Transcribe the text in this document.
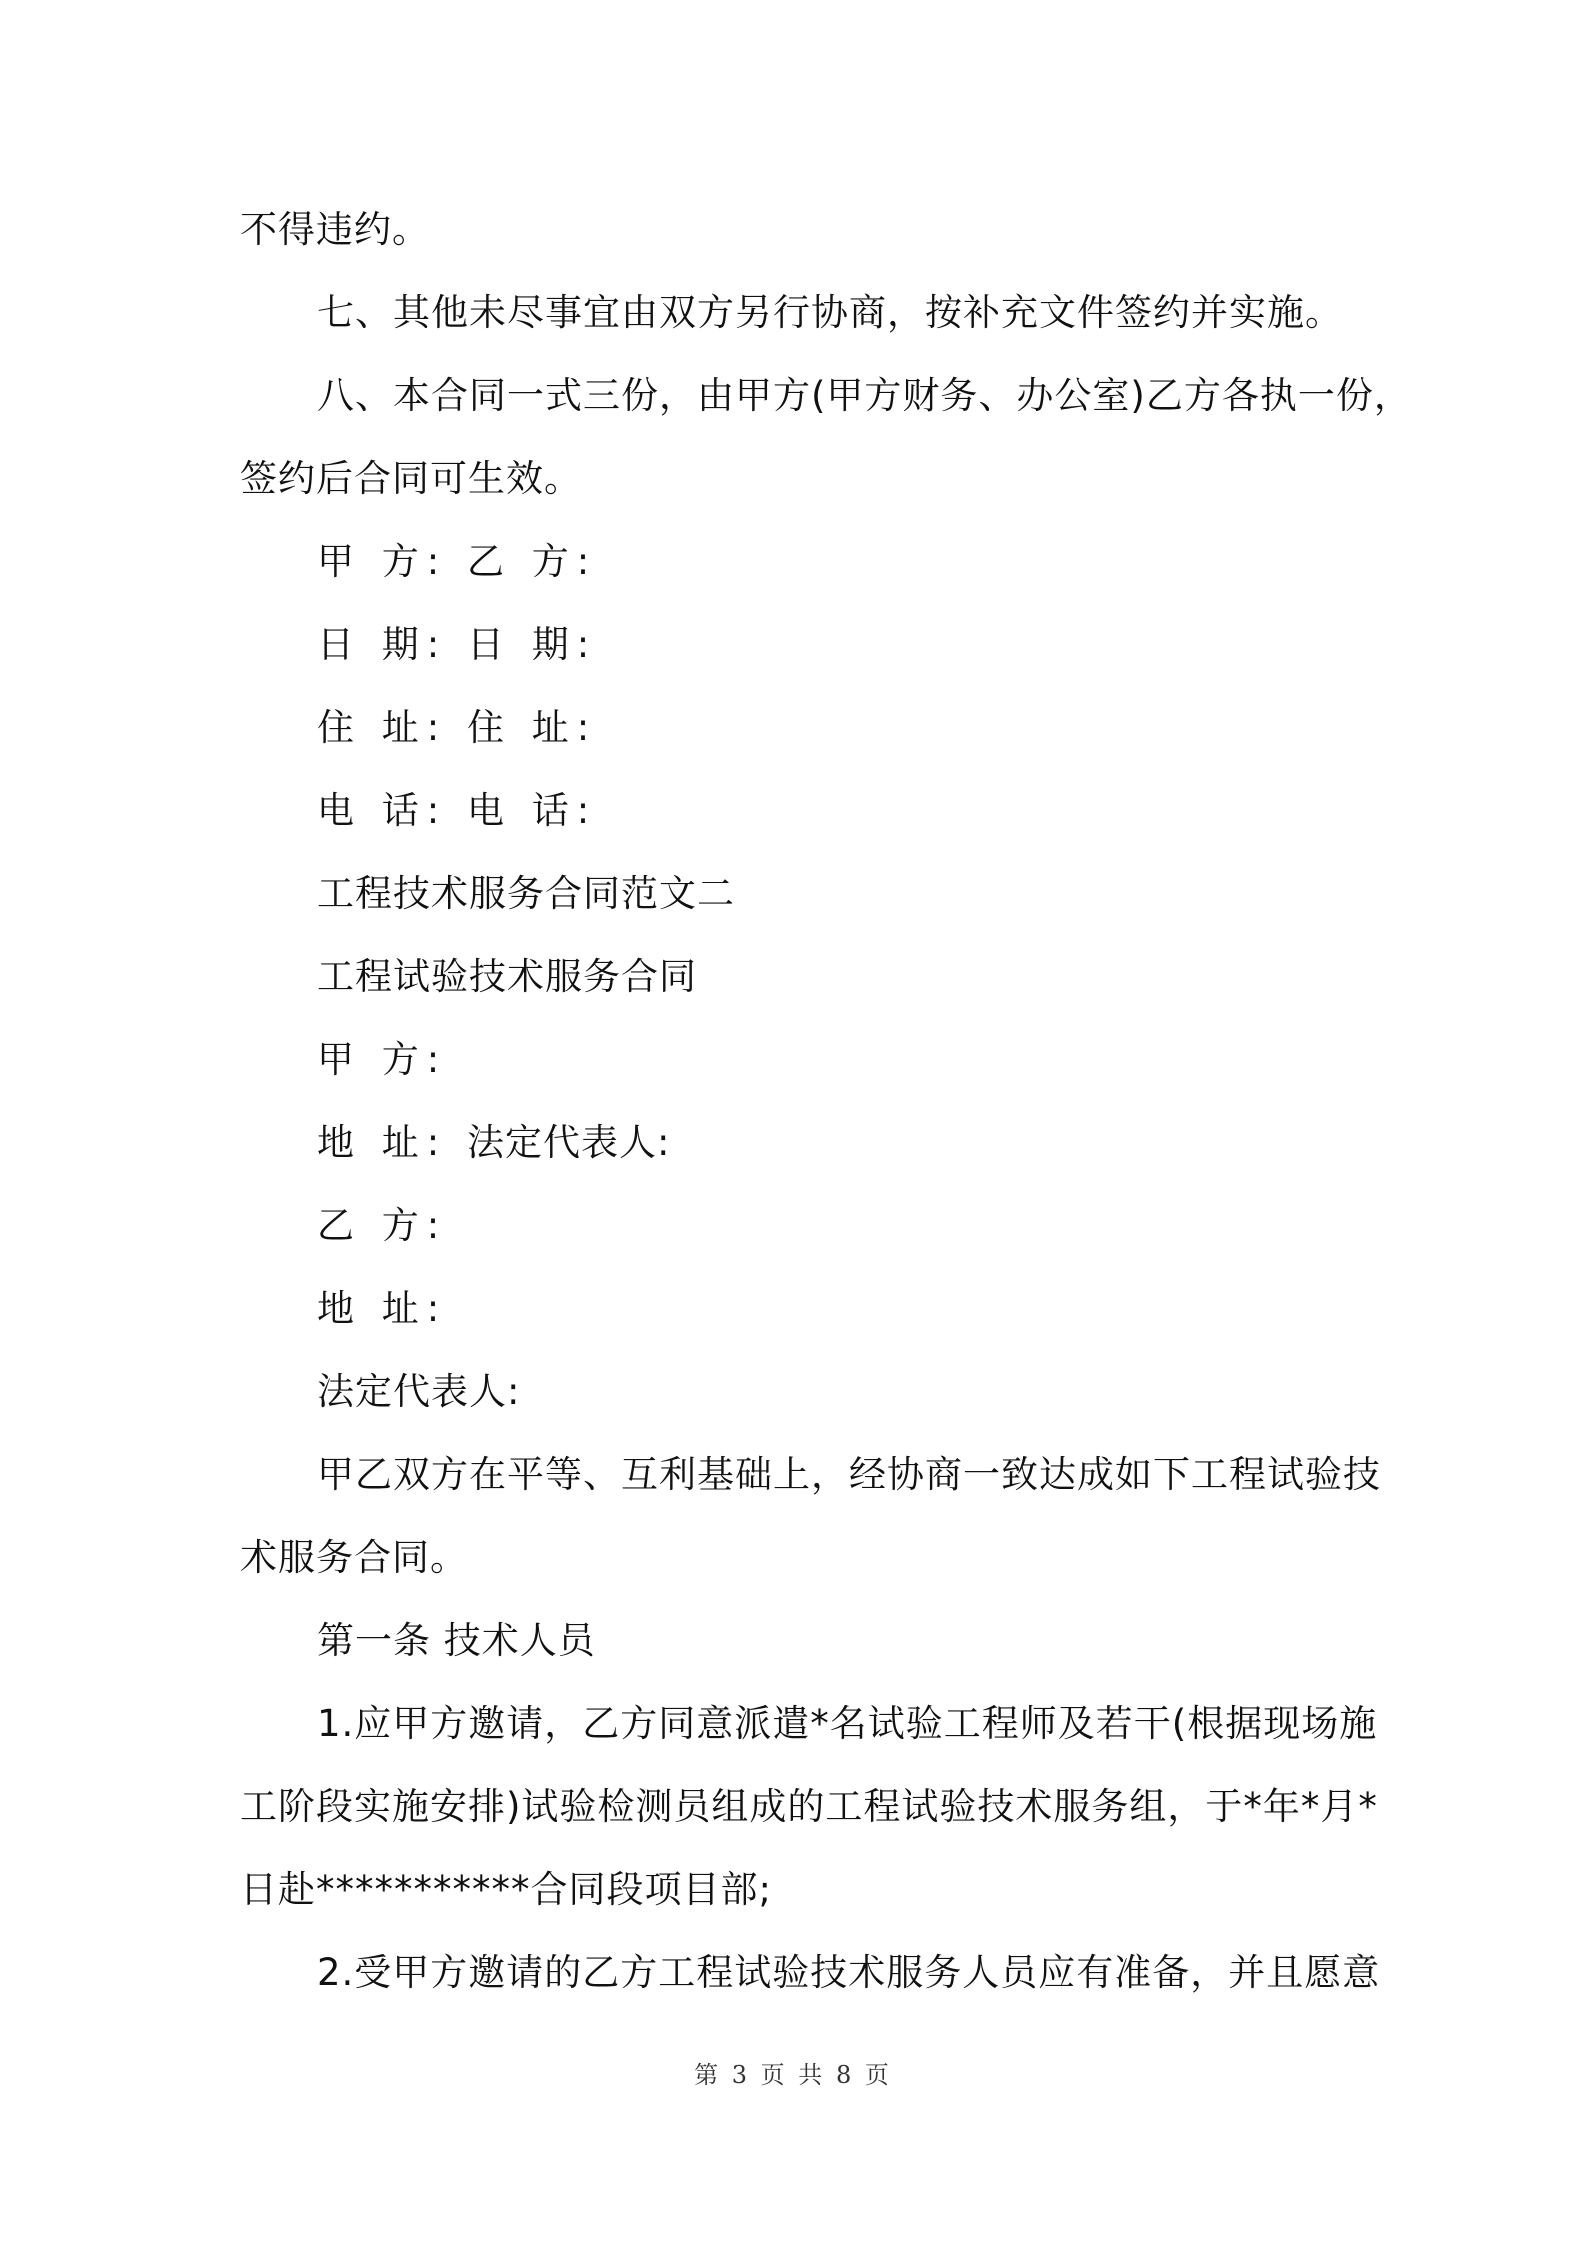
不得违约。
七、其他未尽事宜由双方另行协商，按补充文件签约并实施。
八、本合同一式三份，由甲方(甲方财务、办公室)乙方各执一份，
签约后合同可生效。
甲 方: 乙 方:
日 期: 日 期:
住 址: 住 址:
电 话: 电 话:
工程技术服务合同范文二
工程试验技术服务合同
甲 方:
地 址: 法定代表人:
乙 方:
地 址:
法定代表人:
甲乙双方在平等、互利基础上，经协商一致达成如下工程试验技
术服务合同。
第一条 技术人员
1.应甲方邀请，乙方同意派遣*名试验工程师及若干(根据现场施
工阶段实施安排)试验检测员组成的工程试验技术服务组，于*年*月*
日赴***********合同段项目部;
2.受甲方邀请的乙方工程试验技术服务人员应有准备，并且愿意
第 3 页 共 8 页
